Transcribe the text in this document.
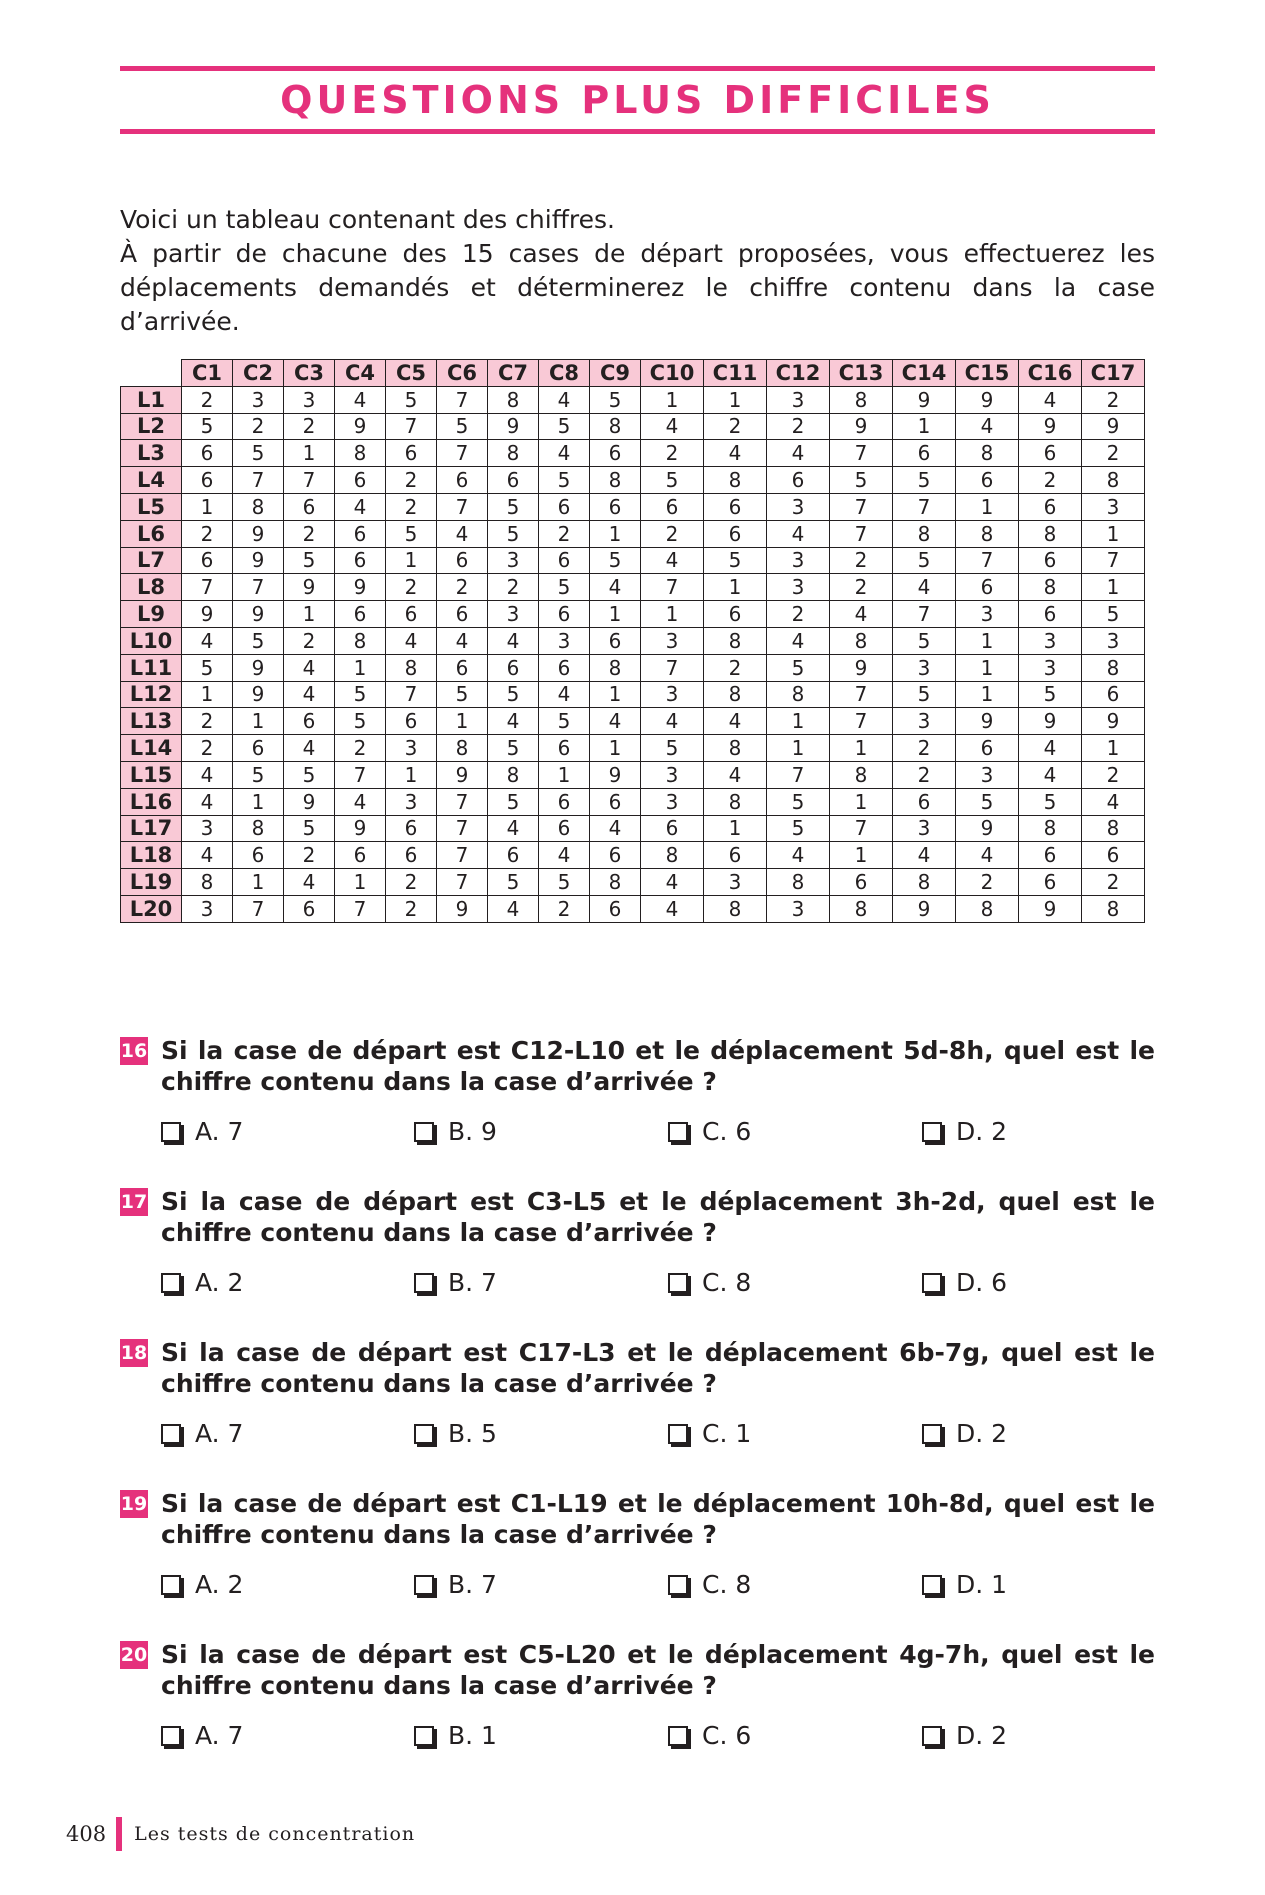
QUESTIONS PLUS DIFFICILES

Voici un tableau contenant des chiffres.

À partir de chacune des 15 cases de départ proposées, vous effectuerez les déplacements demandés et déterminerez le chiffre contenu dans la case d’arrivée.

	C1	C2	C3	C4	C5	C6	C7	C8	C9	C10	C11	C12	C13	C14	C15	C16	C17
L1	2	3	3	4	5	7	8	4	5	1	1	3	8	9	9	4	2
L2	5	2	2	9	7	5	9	5	8	4	2	2	9	1	4	9	9
L3	6	5	1	8	6	7	8	4	6	2	4	4	7	6	8	6	2
L4	6	7	7	6	2	6	6	5	8	5	8	6	5	5	6	2	8
L5	1	8	6	4	2	7	5	6	6	6	6	3	7	7	1	6	3
L6	2	9	2	6	5	4	5	2	1	2	6	4	7	8	8	8	1
L7	6	9	5	6	1	6	3	6	5	4	5	3	2	5	7	6	7
L8	7	7	9	9	2	2	2	5	4	7	1	3	2	4	6	8	1
L9	9	9	1	6	6	6	3	6	1	1	6	2	4	7	3	6	5
L10	4	5	2	8	4	4	4	3	6	3	8	4	8	5	1	3	3
L11	5	9	4	1	8	6	6	6	8	7	2	5	9	3	1	3	8
L12	1	9	4	5	7	5	5	4	1	3	8	8	7	5	1	5	6
L13	2	1	6	5	6	1	4	5	4	4	4	1	7	3	9	9	9
L14	2	6	4	2	3	8	5	6	1	5	8	1	1	2	6	4	1
L15	4	5	5	7	1	9	8	1	9	3	4	7	8	2	3	4	2
L16	4	1	9	4	3	7	5	6	6	3	8	5	1	6	5	5	4
L17	3	8	5	9	6	7	4	6	4	6	1	5	7	3	9	8	8
L18	4	6	2	6	6	7	6	4	6	8	6	4	1	4	4	6	6
L19	8	1	4	1	2	7	5	5	8	4	3	8	6	8	2	6	2
L20	3	7	6	7	2	9	4	2	6	4	8	3	8	9	8	9	8
16 Si la case de départ est C12-L10 et le déplacement 5d-8h, quel est le chiffre contenu dans la case d’arrivée ?
A. 7	B. 9	C. 6	D. 2
17 Si la case de départ est C3-L5 et le déplacement 3h-2d, quel est le chiffre contenu dans la case d’arrivée ?
A. 2	B. 7	C. 8	D. 6
18 Si la case de départ est C17-L3 et le déplacement 6b-7g, quel est le chiffre contenu dans la case d’arrivée ?
A. 7	B. 5	C. 1	D. 2
19 Si la case de départ est C1-L19 et le déplacement 10h-8d, quel est le chiffre contenu dans la case d’arrivée ?
A. 2	B. 7	C. 8	D. 1
20 Si la case de départ est C5-L20 et le déplacement 4g-7h, quel est le chiffre contenu dans la case d’arrivée ?
A. 7	B. 1	C. 6	D. 2
408 Les tests de concentration
